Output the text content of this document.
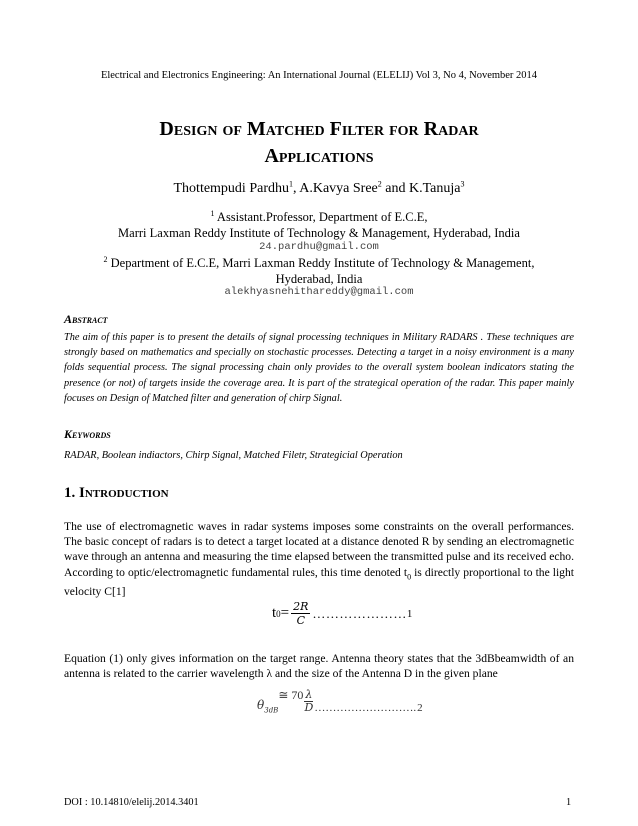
Electrical and Electronics Engineering: An International Journal (ELELIJ) Vol 3, No 4, November 2014
Design of Matched Filter for Radar
Applications
Thottempudi Pardhu$^1$, A.Kavya Sree$^2$ and K.Tanuja$^3$
$^1$ Assistant.Professor, Department of E.C.E,
Marri Laxman Reddy Institute of Technology & Management, Hyderabad, India
24.pardhu@gmail.com
$^2$ Department of E.C.E, Marri Laxman Reddy Institute of Technology & Management,
Hyderabad, India
alekhyasnehithareddy@gmail.com
Abstract
The aim of this paper is to present the details of signal processing techniques in Military RADARS . These techniques are strongly based on mathematics and specially on stochastic processes. Detecting a target in a noisy environment is a many folds sequential process. The signal processing chain only provides to the overall system boolean indicators stating the presence (or not) of targets inside the coverage area. It is part of the strategical operation of the radar. This paper mainly focuses on Design of Matched filter and generation of chirp Signal.
Keywords
RADAR, Boolean indiactors, Chirp Signal, Matched Filetr, Strategicial Operation
1. Introduction
The use of electromagnetic waves in radar systems imposes some constraints on the overall performances. The basic concept of radars is to detect a target located at a distance denoted R by sending an electromagnetic wave through an antenna and measuring the time elapsed between the transmitted pulse and its received echo. According to optic/electromagnetic fundamental rules, this time denoted $t_0$ is directly proportional to the light velocity C[1]
t $0 = \frac{2R}{C}$ ………………… 1
Equation (1) only gives information on the target range. Antenna theory states that the 3dBbeamwidth of an antenna is related to the carrier wavelength λ and the size of the Antenna D in the given plane
$\theta_{3dB}$
≅ $70 \frac{\lambda}{D}$ ………………………. 2
DOI : 10.14810/elelij.2014.3401	1
